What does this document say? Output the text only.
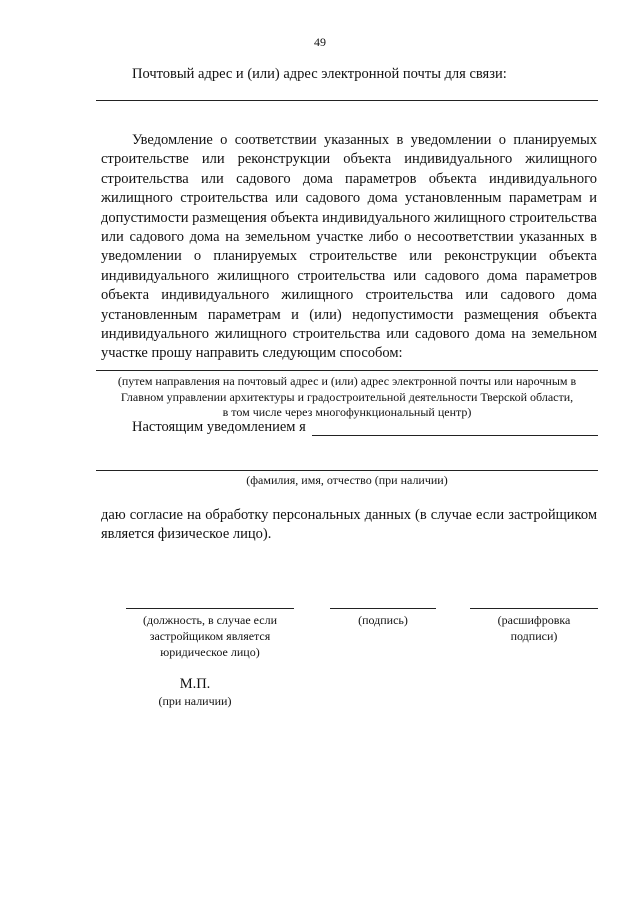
49
Почтовый адрес и (или) адрес электронной почты для связи:
Уведомление о соответствии указанных в уведомлении о планируемых строительстве или реконструкции объекта индивидуального жилищного строительства или садового дома параметров объекта индивидуального жилищного строительства или садового дома установленным параметрам и допустимости размещения объекта индивидуального жилищного строительства или садового дома на земельном участке либо о несоответствии указанных в уведомлении о планируемых строительстве или реконструкции объекта индивидуального жилищного строительства или садового дома параметров объекта индивидуального жилищного строительства или садового дома установленным параметрам и (или) недопустимости размещения объекта индивидуального жилищного строительства или садового дома на земельном участке прошу направить следующим способом:
(путем направления на почтовый адрес и (или) адрес электронной почты или нарочным в
Главном управлении архитектуры и градостроительной деятельности Тверской области,
в том числе через многофункциональный центр)
Настоящим уведомлением я
(фамилия, имя, отчество (при наличии)
даю согласие на обработку персональных данных (в случае если застройщиком является физическое лицо).
(должность, в случае если
застройщиком является
юридическое лицо)
(подпись)	(расшифровка
подписи)
М.П.
(при наличии)
